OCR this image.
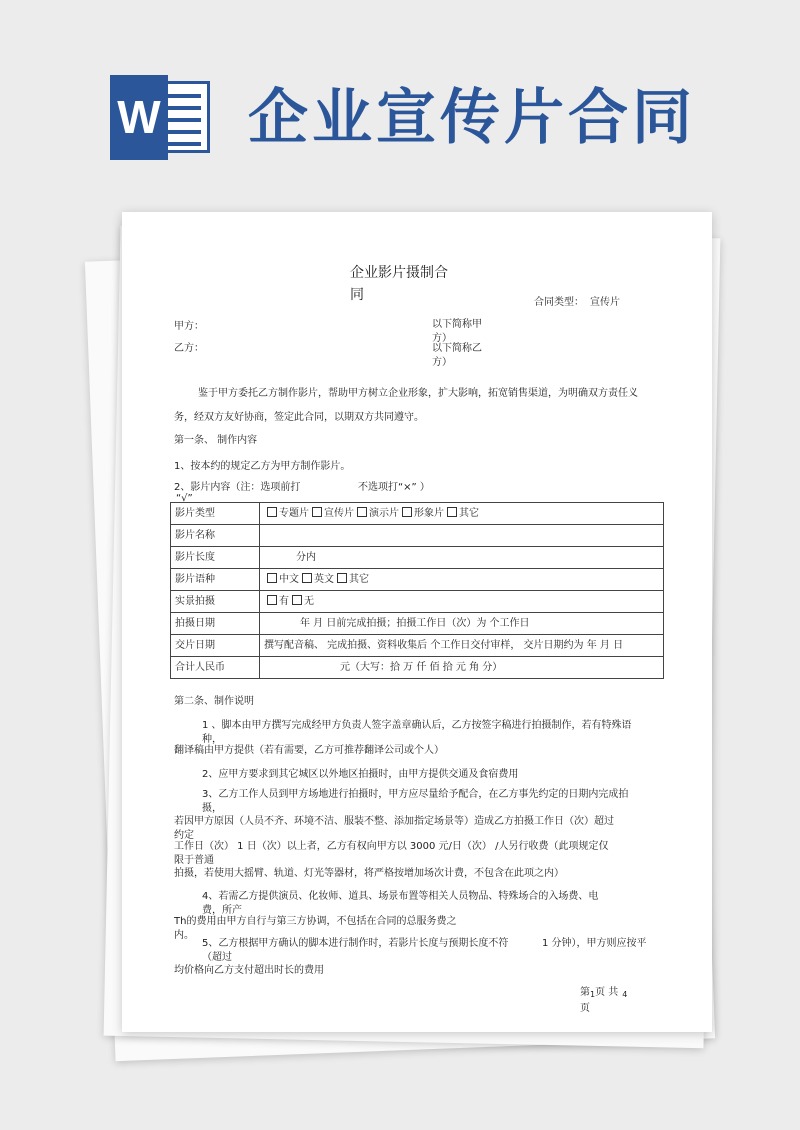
W 企业宣传片合同
企业影片摄制合同	合同类型： 宣传片
甲方：	以下简称甲方）
乙方：	以下简称乙方）
鉴于甲方委托乙方制作影片，帮助甲方树立企业形象，扩大影响，拓宽销售渠道，为明确双方责任义
务，经双方友好协商，签定此合同，以期双方共同遵守。
第一条、 制作内容
1、按本约的规定乙方为甲方制作影片。
2、影片内容（注：选项前打	不选项打“×” ）
“√”
影片类型	专题片 宣传片 演示片 形象片 其它
影片名称	
影片长度	分内
影片语种	中文 英文 其它
实景拍摄	有 无
拍摄日期	年 月 日前完成拍摄；拍摄工作日（次）为 个工作日
交片日期	撰写配音稿、 完成拍摄、资料收集后 个工作日交付审样， 交片日期约为 年 月 日
合计人民币	元（大写：拾 万 仟 佰 拾 元 角 分）
第二条、制作说明
1 、脚本由甲方撰写完成经甲方负责人签字盖章确认后，乙方按签字稿进行拍摄制作，若有特殊语种，
翻译稿由甲方提供（若有需要，乙方可推荐翻译公司或个人）
2、应甲方要求到其它城区以外地区拍摄时，由甲方提供交通及食宿费用
3、乙方工作人员到甲方场地进行拍摄时，甲方应尽量给予配合，在乙方事先约定的日期内完成拍摄，
若因甲方原因（人员不齐、环境不洁、服装不整、添加指定场景等）造成乙方拍摄工作日（次）超过约定
工作日（次） 1 日（次）以上者，乙方有权向甲方以 3000 元/日（次） /人另行收费（此项规定仅限于普通
拍摄，若使用大摇臂、轨道、灯光等器材，将严格按增加场次计费，不包含在此项之内）
4、若需乙方提供演员、化妆师、道具、场景布置等相关人员物品、特殊场合的入场费、电费，所产
Th的费用由甲方自行与第三方协调，不包括在合同的总服务费之内。
5、乙方根据甲方确认的脚本进行制作时，若影片长度与预期长度不符 （超过
1 分钟），甲方则应按平
均价格向乙方支付超出时长的费用
第$_1$页 共 $_4$
页
